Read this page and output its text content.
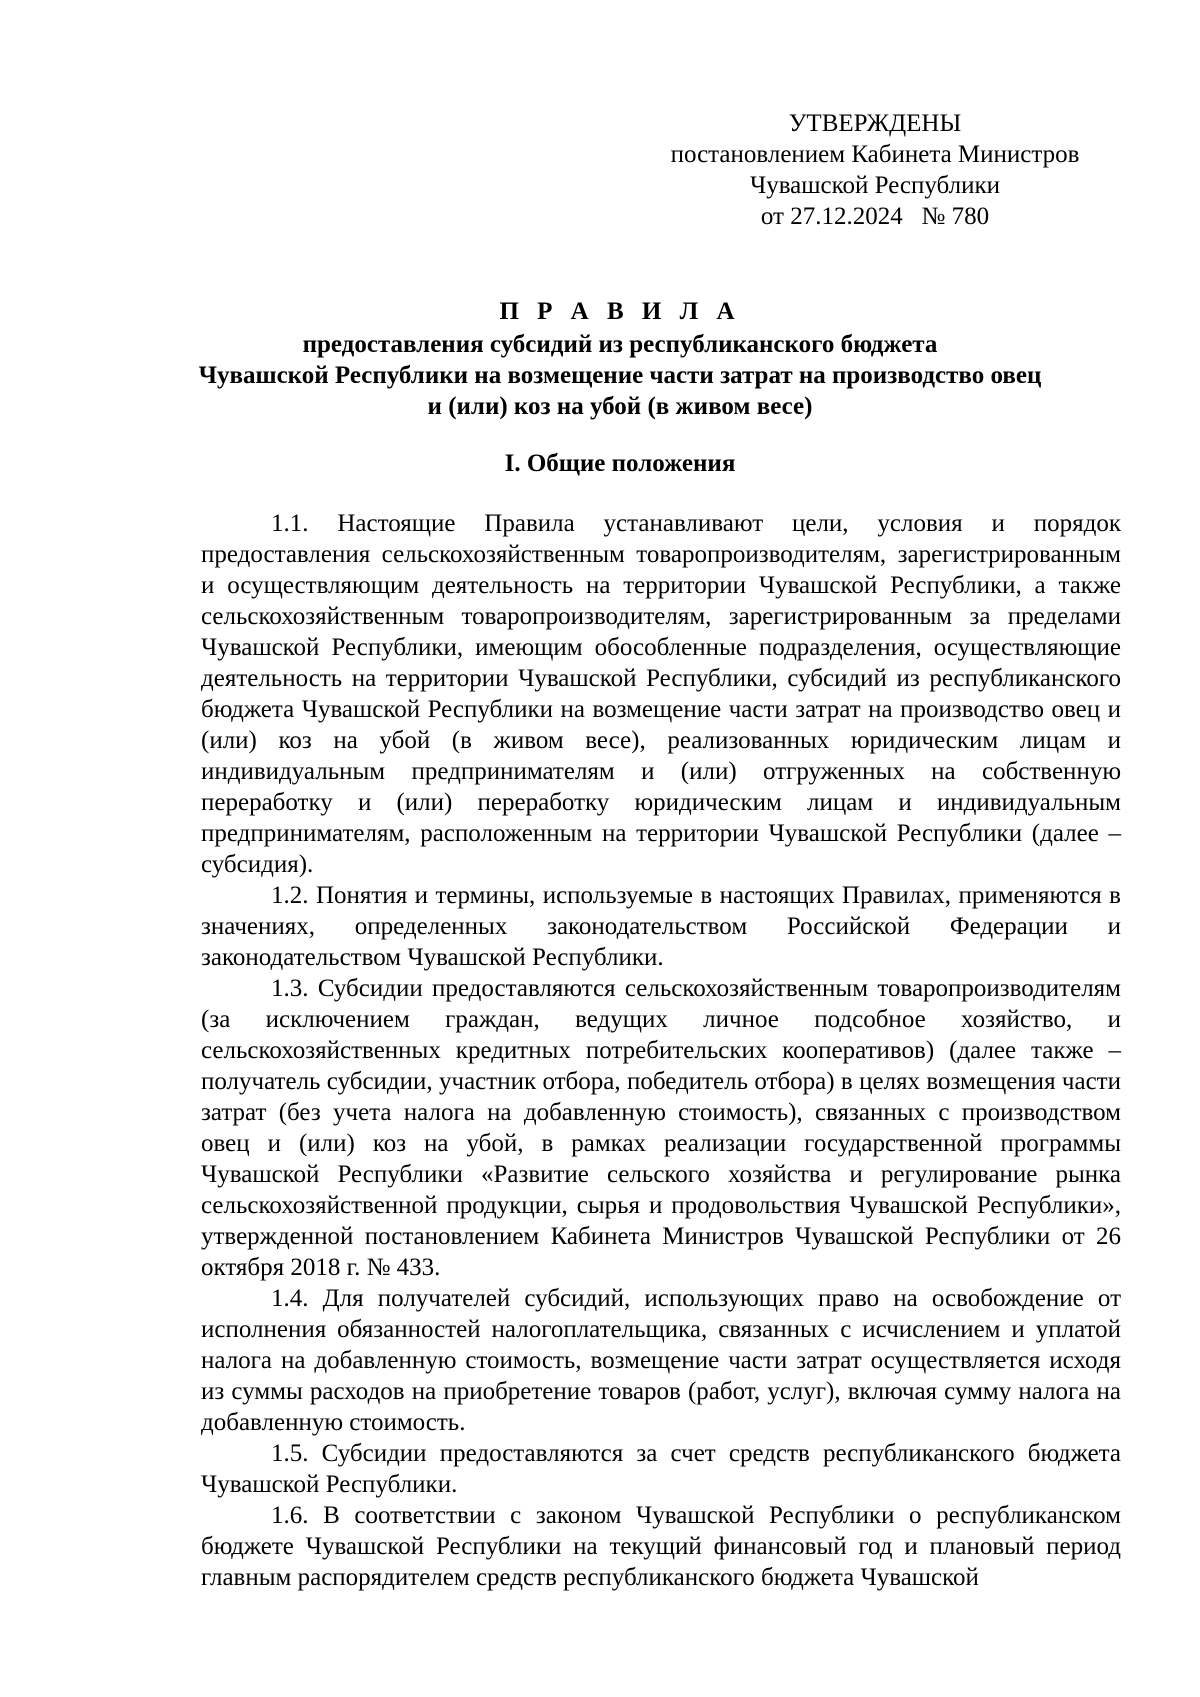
УТВЕРЖДЕНЫ
постановлением Кабинета Министров
Чувашской Республики
от 27.12.2024   № 780
П Р А В И Л А
предоставления субсидий из республиканского бюджета
Чувашской Республики на возмещение части затрат на производство овец
и (или) коз на убой (в живом весе)
I. Общие положения

1.1. Настоящие Правила устанавливают цели, условия и порядок предоставления сельскохозяйственным товаропроизводителям, зарегистрированным и осуществляющим деятельность на территории Чувашской Республики, а также сельскохозяйственным товаропроизводителям, зарегистрированным за пределами Чувашской Республики, имеющим обособленные подразделения, осуществляющие деятельность на территории Чувашской Республики, субсидий из республиканского бюджета Чувашской Республики на возмещение части затрат на производство овец и (или) коз на убой (в живом весе), реализованных юридическим лицам и индивидуальным предпринимателям и (или) отгруженных на собственную переработку и (или) переработку юридическим лицам и индивидуальным предпринимателям, расположенным на территории Чувашской Республики (далее – субсидия).

1.2. Понятия и термины, используемые в настоящих Правилах, применяются в значениях, определенных законодательством Российской Федерации и законодательством Чувашской Республики.

1.3. Субсидии предоставляются сельскохозяйственным товаропроизводителям (за исключением граждан, ведущих личное подсобное хозяйство, и сельскохозяйственных кредитных потребительских кооперативов) (далее также – получатель субсидии, участник отбора, победитель отбора) в целях возмещения части затрат (без учета налога на добавленную стоимость), связанных с производством овец и (или) коз на убой, в рамках реализации государственной программы Чувашской Республики «Развитие сельского хозяйства и регулирование рынка сельскохозяйственной продукции, сырья и продовольствия Чувашской Республики», утвержденной постановлением Кабинета Министров Чувашской Республики от 26 октября 2018 г. № 433.

1.4. Для получателей субсидий, использующих право на освобождение от исполнения обязанностей налогоплательщика, связанных с исчислением и уплатой налога на добавленную стоимость, возмещение части затрат осуществляется исходя из суммы расходов на приобретение товаров (работ, услуг), включая сумму налога на добавленную стоимость.

1.5. Субсидии предоставляются за счет средств республиканского бюджета Чувашской Республики.

1.6. В соответствии с законом Чувашской Республики о республиканском бюджете Чувашской Республики на текущий финансовый год и плановый период главным распорядителем средств республиканского бюджета Чувашской
